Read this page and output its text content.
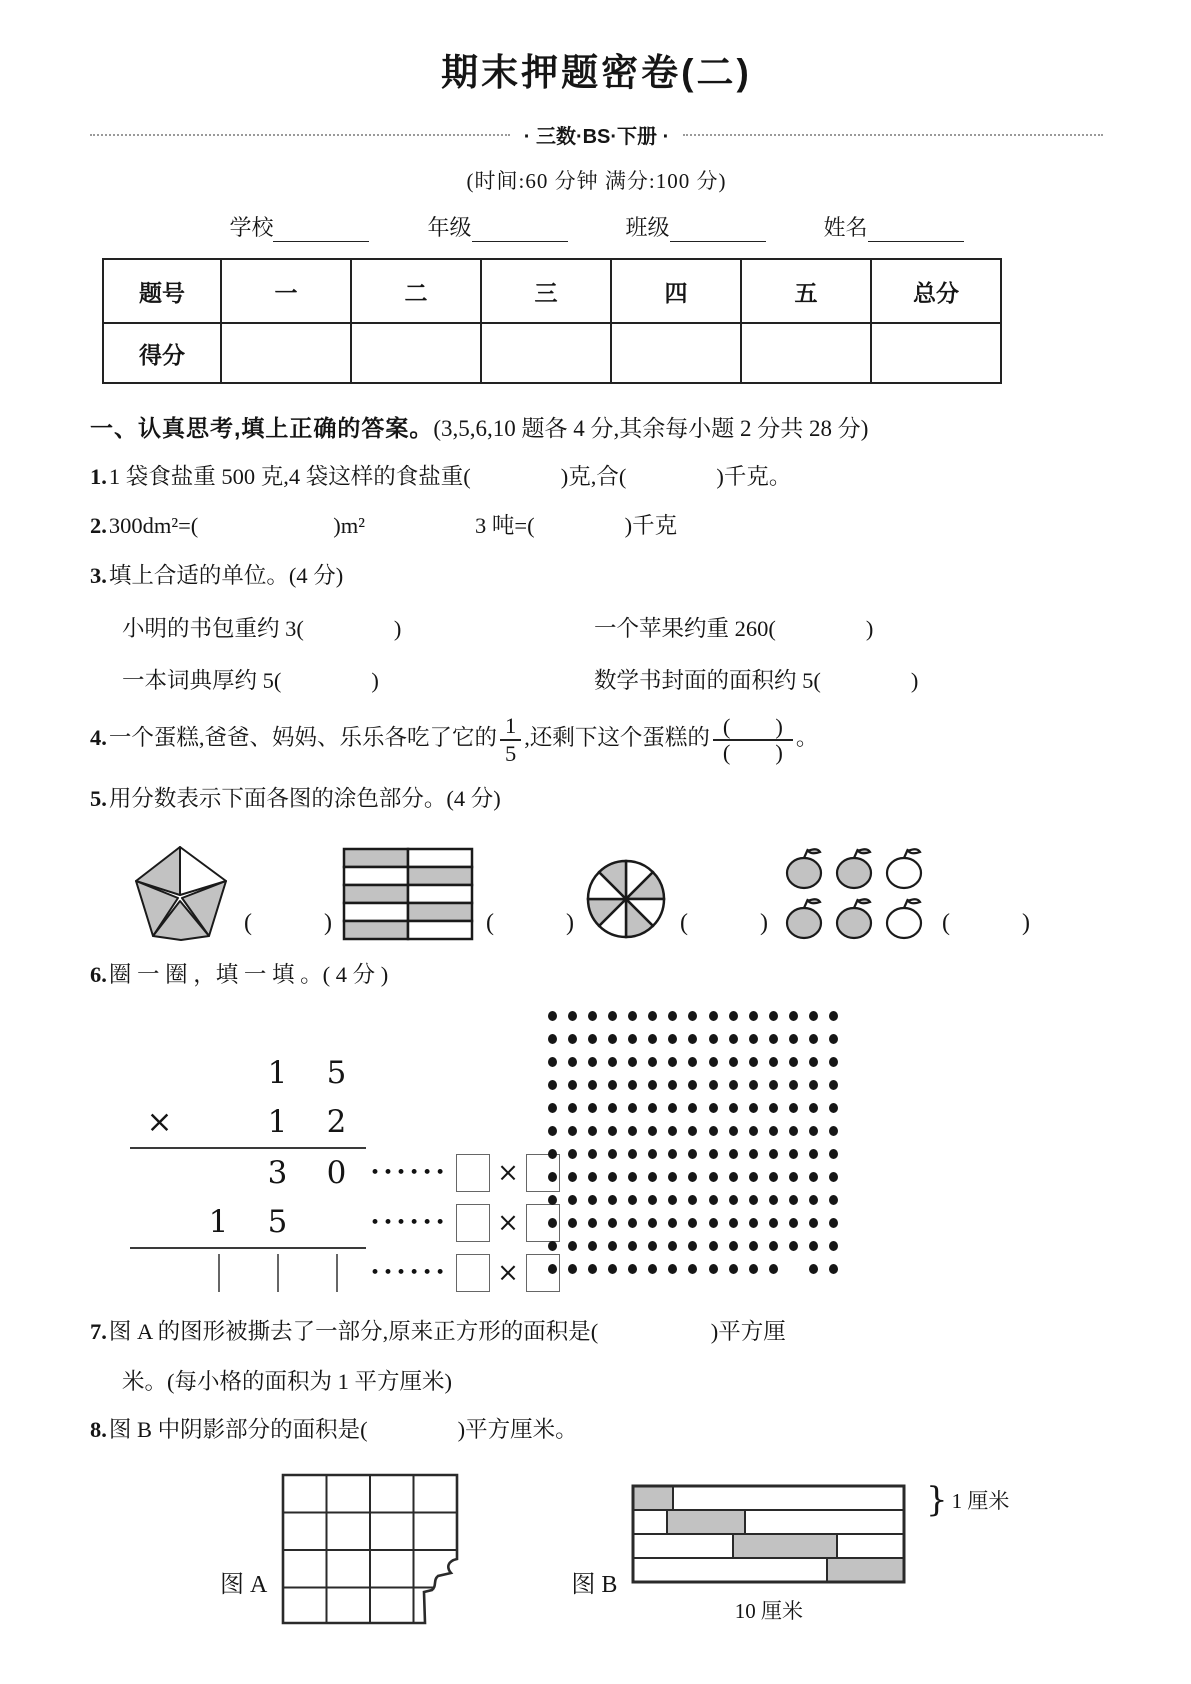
期末押题密卷(二)
· 三数·BS·下册 ·
(时间:60 分钟 满分:100 分)
学校	年级	班级	姓名
题号	一	二	三	四	五	总分
得分						
一、认真思考,填上正确的答案。(3,5,6,10 题各 4 分,其余每小题 2 分共 28 分)
1.1 袋食盐重 500 克,4 袋这样的食盐重(　　　　)克,合(　　　　)千克。
2.300dm²=(　　　　　　)m²	3 吨=(　　　　)千克
3.填上合适的单位。(4 分)
小明的书包重约 3(　　　　)	一个苹果约重 260(　　　　)
一本词典厚约 5(　　　　)	数学书封面的面积约 5(　　　　)
4.一个蛋糕,爸爸、妈妈、乐乐各吃了它的 $\frac{1}{5}$ ,还剩下这个蛋糕的 $\frac{( )}{( )}$ 。
5.用分数表示下面各图的涂色部分。(4 分)
(　　　)	(　　　)	(　　　)	(　　　)
6.圈 一 圈 ，填 一 填 。( 4 分 )
1	5
×	1	2
3	0	•••••• ×
1	5	•••••• ×
•••••• ×
7.图 A 的图形被撕去了一部分,原来正方形的面积是(　　　　　)平方厘
米。(每小格的面积为 1 平方厘米)
8.图 B 中阴影部分的面积是(　　　　)平方厘米。
图 A	图 B
} 1 厘米
10 厘米
